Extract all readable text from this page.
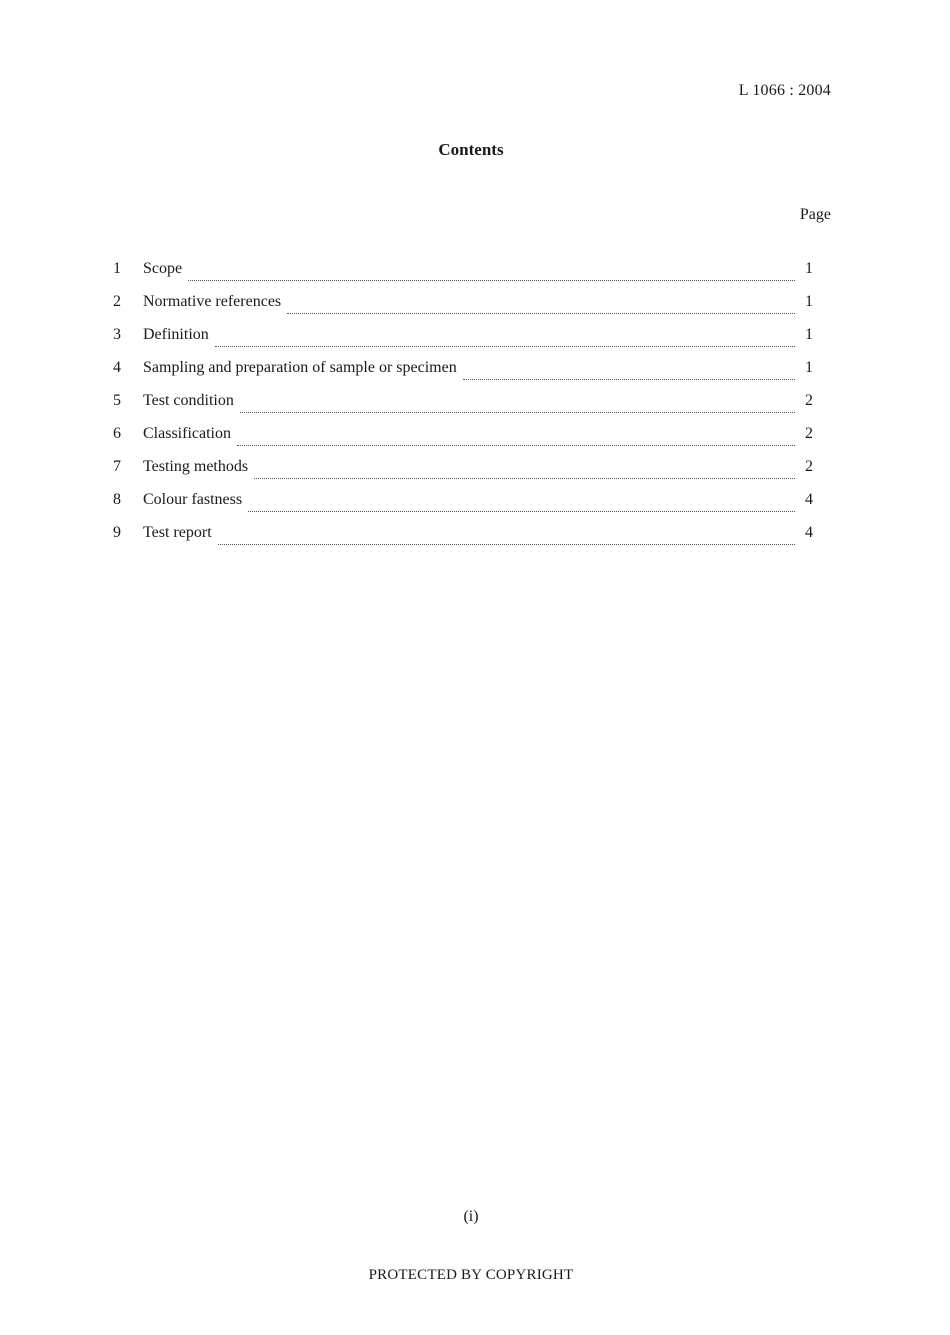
L 1066 : 2004
Contents
Page
1	Scope	1
2	Normative references	1
3	Definition	1
4	Sampling and preparation of sample or specimen	1
5	Test condition	2
6	Classification	2
7	Testing methods	2
8	Colour fastness	4
9	Test report	4
(i)
PROTECTED BY COPYRIGHT
